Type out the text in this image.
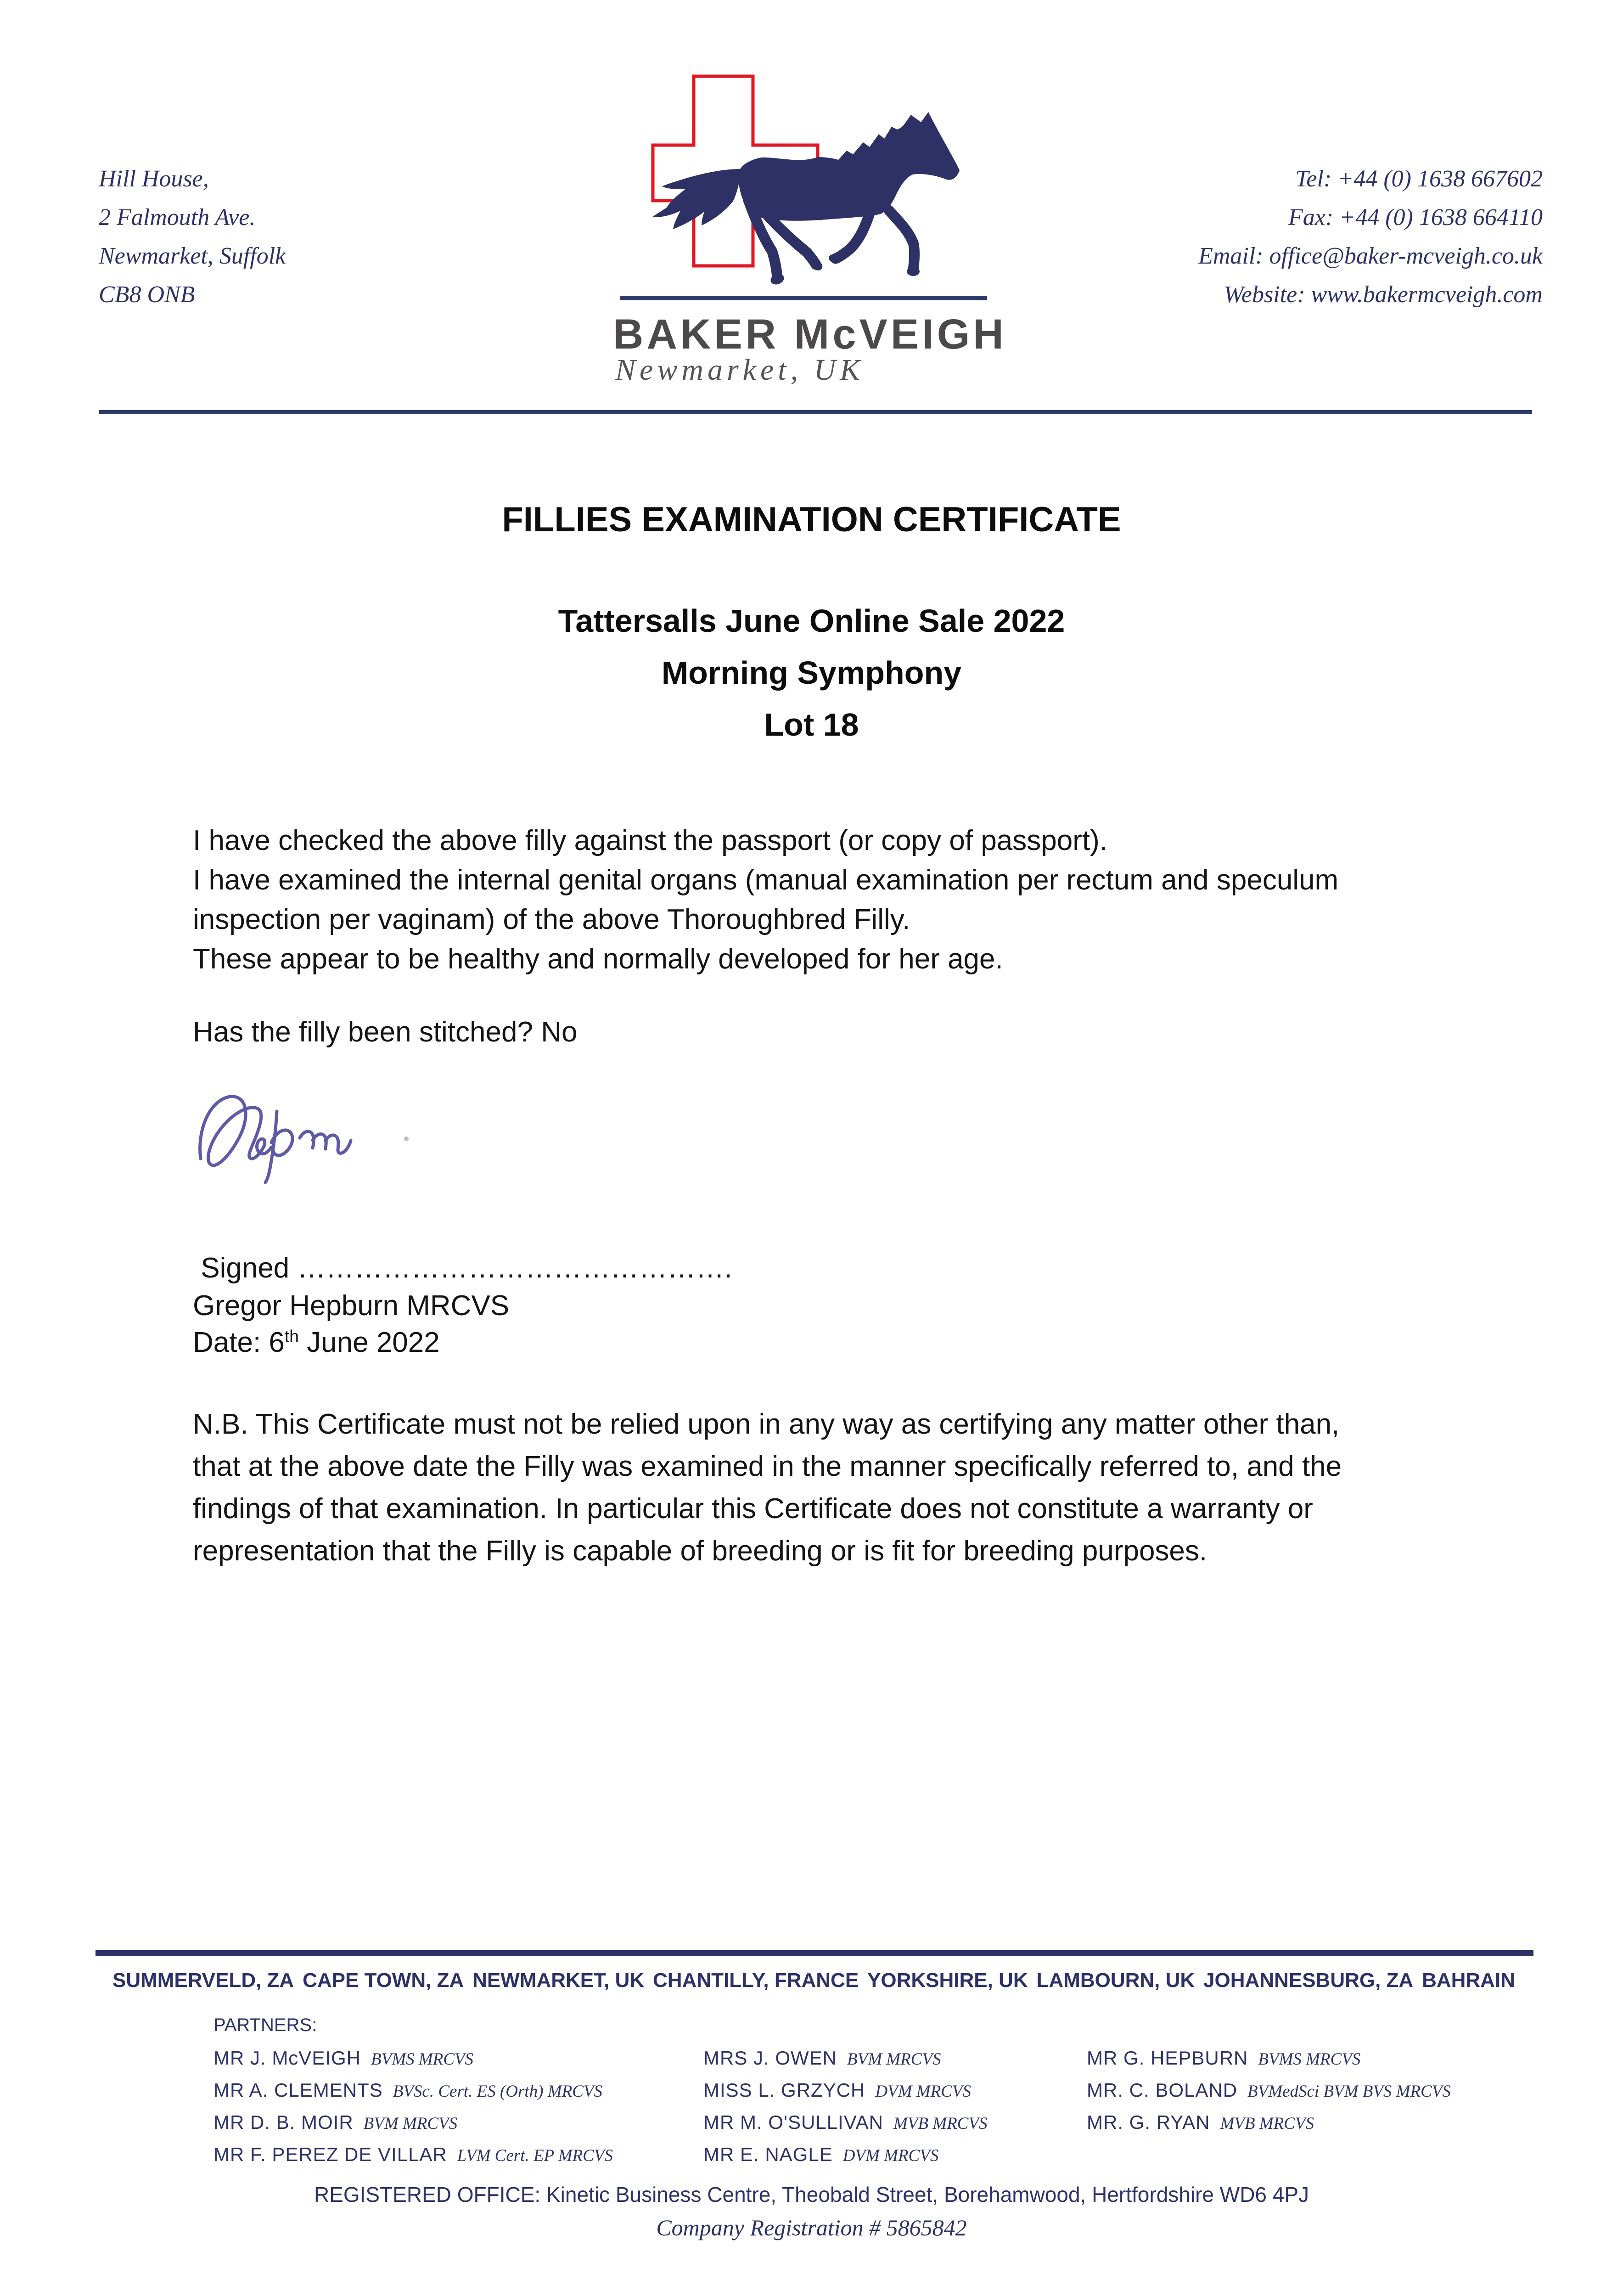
Hill House,
2 Falmouth Ave.
Newmarket, Suffolk
CB8 ONB
Tel: +44 (0) 1638 667602
Fax: +44 (0) 1638 664110
Email: office@baker-mcveigh.co.uk
Website: www.bakermcveigh.com
BAKER McVEIGH
Newmarket, UK
FILLIES EXAMINATION CERTIFICATE
Tattersalls June Online Sale 2022
Morning Symphony
Lot 18
I have checked the above filly against the passport (or copy of passport).
I have examined the internal genital organs (manual examination per rectum and speculum
inspection per vaginam) of the above Thoroughbred Filly.
These appear to be healthy and normally developed for her age.
Has the filly been stitched? No
Signed ……………………………………….
Gregor Hepburn MRCVS
Date: 6th June 2022
N.B. This Certificate must not be relied upon in any way as certifying any matter other than,
that at the above date the Filly was examined in the manner specifically referred to, and the
findings of that examination. In particular this Certificate does not constitute a warranty or
representation that the Filly is capable of breeding or is fit for breeding purposes.
SUMMERVELD, ZA CAPE TOWN, ZA NEWMARKET, UK CHANTILLY, FRANCE YORKSHIRE, UK LAMBOURN, UK JOHANNESBURG, ZA BAHRAIN
PARTNERS:
MR J. McVEIGH BVMS MRCVS
MR A. CLEMENTS BVSc. Cert. ES (Orth) MRCVS
MR D. B. MOIR BVM MRCVS
MR F. PEREZ DE VILLAR LVM Cert. EP MRCVS
MRS J. OWEN BVM MRCVS
MISS L. GRZYCH DVM MRCVS
MR M. O'SULLIVAN MVB MRCVS
MR E. NAGLE DVM MRCVS
MR G. HEPBURN BVMS MRCVS
MR. C. BOLAND BVMedSci BVM BVS MRCVS
MR. G. RYAN MVB MRCVS
REGISTERED OFFICE: Kinetic Business Centre, Theobald Street, Borehamwood, Hertfordshire WD6 4PJ
Company Registration # 5865842
